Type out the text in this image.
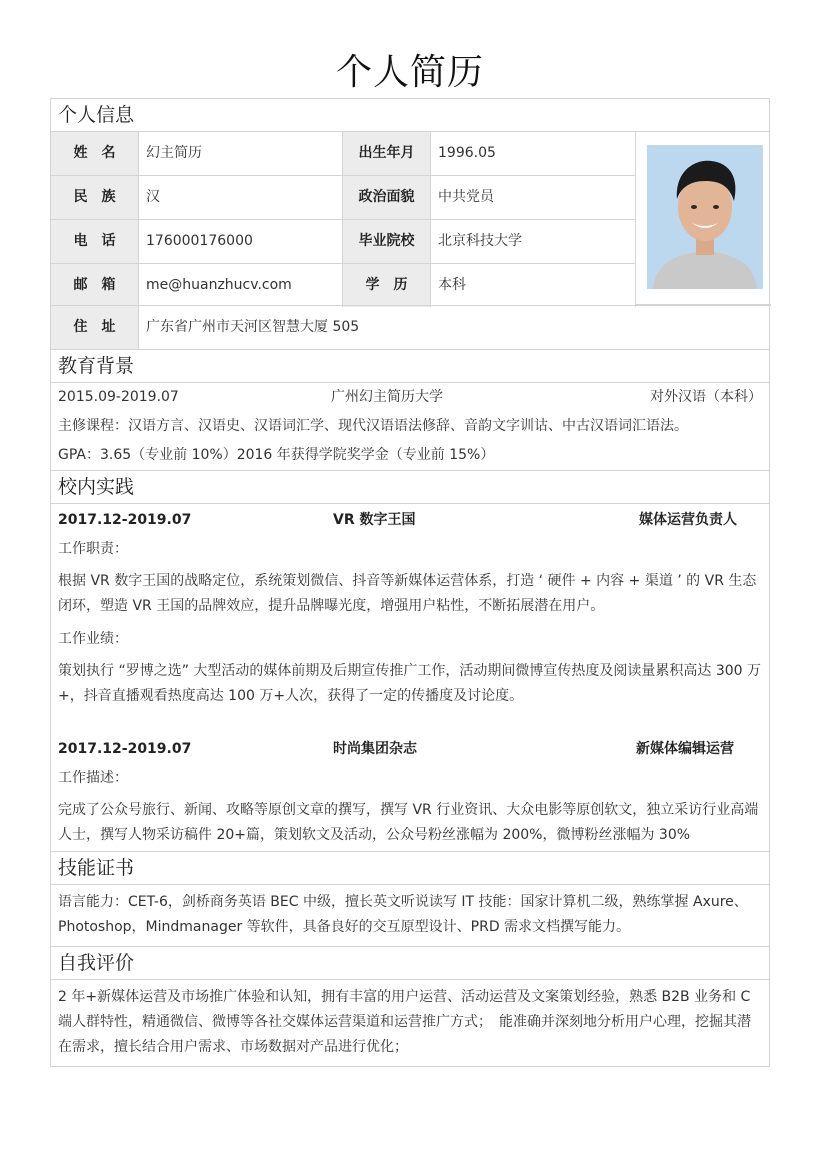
个人简历
个人信息
姓　名	幻主简历	出生年月	1996.05
民　族	汉	政治面貌	中共党员
电　话	176000176000	毕业院校	北京科技大学
邮　箱	me@huanzhucv.com	学　历	本科
住　址	广东省广州市天河区智慧大厦 505
教育背景
2015.09-2019.07	广州幻主简历大学	对外汉语（本科）
主修课程：汉语方言、汉语史、汉语词汇学、现代汉语语法修辞、音韵文字训诂、中古汉语词汇语法。
GPA：3.65（专业前 10%）2016 年获得学院奖学金（专业前 15%）
校内实践
2017.12-2019.07	VR 数字王国	媒体运营负责人
工作职责：
根据 VR 数字王国的战略定位，系统策划微信、抖音等新媒体运营体系，打造 ‘ 硬件 + 内容 + 渠道 ’ 的 VR 生态闭环，塑造 VR 王国的品牌效应，提升品牌曝光度，增强用户粘性，不断拓展潜在用户。
工作业绩：
策划执行 “罗博之选” 大型活动的媒体前期及后期宣传推广工作，活动期间微博宣传热度及阅读量累积高达 300 万+，抖音直播观看热度高达 100 万+人次，获得了一定的传播度及讨论度。
2017.12-2019.07	时尚集团杂志	新媒体编辑运营
工作描述：
完成了公众号旅行、新闻、攻略等原创文章的撰写，撰写 VR 行业资讯、大众电影等原创软文，独立采访行业高端人士，撰写人物采访稿件 20+篇，策划软文及活动，公众号粉丝涨幅为 200%，微博粉丝涨幅为 30%
技能证书
语言能力：CET-6，剑桥商务英语 BEC 中级，擅长英文听说读写 IT 技能：国家计算机二级，熟练掌握 Axure、Photoshop，Mindmanager 等软件，具备良好的交互原型设计、PRD 需求文档撰写能力。
自我评价
2 年+新媒体运营及市场推广体验和认知，拥有丰富的用户运营、活动运营及文案策划经验，熟悉 B2B 业务和 C 端人群特性，精通微信、微博等各社交媒体运营渠道和运营推广方式；　能准确并深刻地分析用户心理，挖掘其潜在需求，擅长结合用户需求、市场数据对产品进行优化；
